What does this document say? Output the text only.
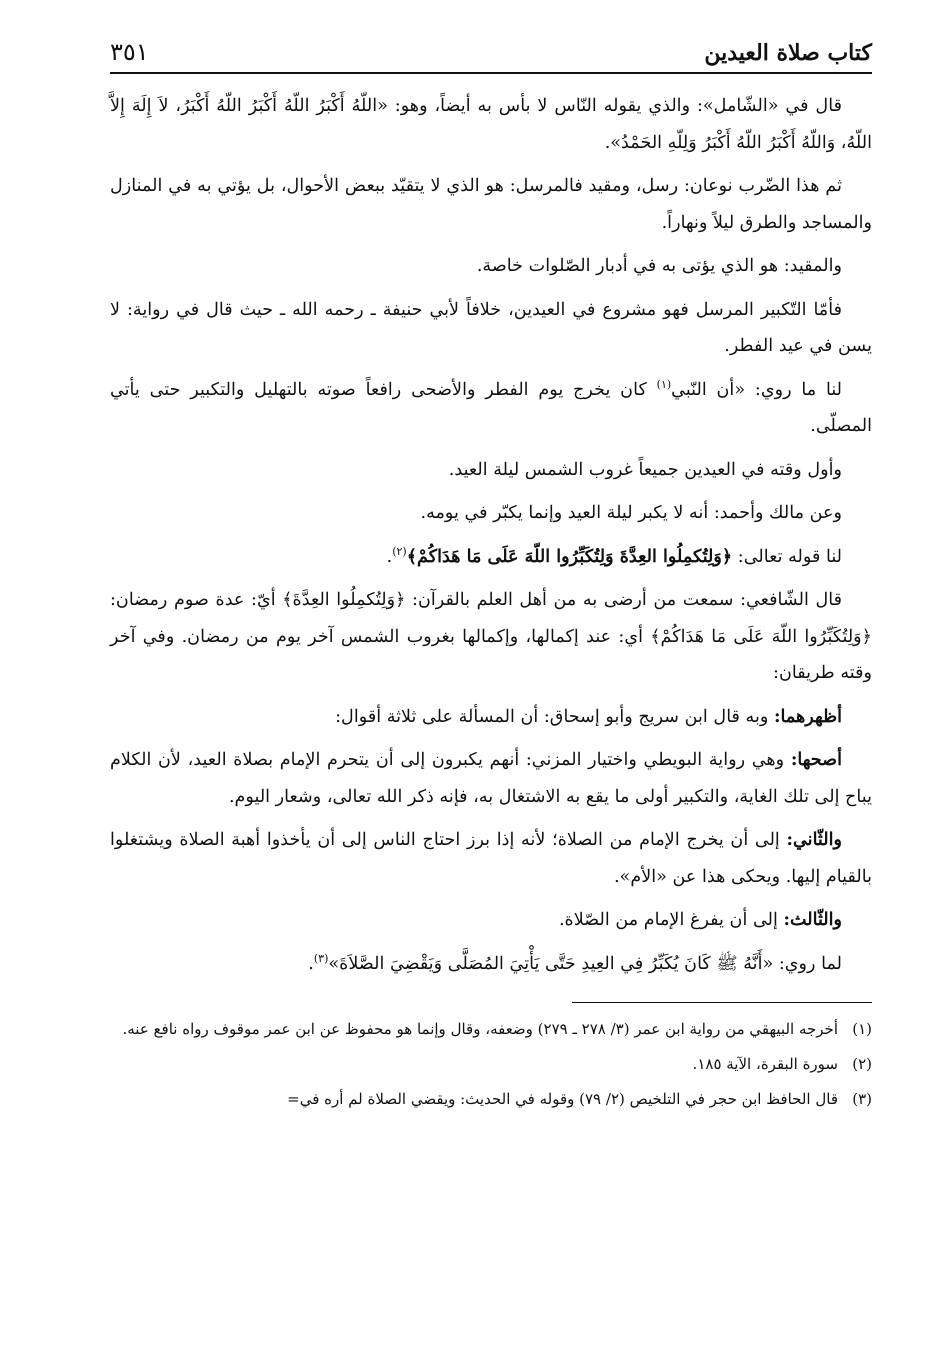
كتاب صلاة العيدين
٣٥١

قال في «الشّامل»: والذي يقوله النّاس لا بأس به أيضاً، وهو: «اللّهُ أَكْبَرُ اللّهُ أَكْبَرُ اللّهُ أَكْبَرُ، لاَ إِلَهَ إِلاَّ اللّهُ، وَاللّهُ أَكْبَرُ اللّهُ أَكْبَرُ وَلِلّهِ الحَمْدُ».

ثم هذا الضّرب نوعان: رسل، ومقيد فالمرسل: هو الذي لا يتقيّد ببعض الأحوال، بل يؤتي به في المنازل والمساجد والطرق ليلاً ونهاراً.

والمقيد: هو الذي يؤتى به في أدبار الصّلوات خاصة.

فأمّا التّكبير المرسل فهو مشروع في العيدين، خلافاً لأبي حنيفة ـ رحمه الله ـ حيث قال في رواية: لا يسن في عيد الفطر.

لنا ما روي: «أن النّبي$^{(١)}$ كان يخرج يوم الفطر والأضحى رافعاً صوته بالتهليل والتكبير حتى يأتي المصلّى.

وأول وقته في العيدين جميعاً غروب الشمس ليلة العيد.

وعن مالك وأحمد: أنه لا يكبر ليلة العيد وإنما يكبّر في يومه.

لنا قوله تعالى: ﴿وَلِتُكمِلُوا العِدَّةَ وَلِتُكَبِّرُوا اللّهَ عَلَى مَا هَدَاكُمْ﴾$^{(٢)}$.

قال الشّافعي: سمعت من أرضى به من أهل العلم بالقرآن: ﴿وَلِتُكمِلُوا العِدَّةَ﴾ أيّ: عدة صوم رمضان: ﴿وَلِتُكَبِّرُوا اللّهَ عَلَى مَا هَدَاكُمْ﴾ أي: عند إكمالها، وإكمالها بغروب الشمس آخر يوم من رمضان. وفي آخر وقته طريقان:

أظهرهما: وبه قال ابن سريج وأبو إسحاق: أن المسألة على ثلاثة أقوال:

أصحها: وهي رواية البويطي واختيار المزني: أنهم يكبرون إلى أن يتحرم الإمام بصلاة العيد، لأن الكلام يباح إلى تلك الغاية، والتكبير أولى ما يقع به الاشتغال به، فإنه ذكر الله تعالى، وشعار اليوم.

والثّاني: إلى أن يخرج الإمام من الصلاة؛ لأنه إذا برز احتاج الناس إلى أن يأخذوا أهبة الصلاة ويشتغلوا بالقيام إليها. ويحكى هذا عن «الأم».

والثّالث: إلى أن يفرغ الإمام من الصّلاة.

لما روي: «أَنَّهُ ﷺ كَانَ يُكَبِّرُ فِي العِيدِ حَتَّى يَأْتِيَ المُصَلَّى وَيَقْضِيَ الصَّلاَةَ»$^{(٣)}$.

(١)أخرجه البيهقي من رواية ابن عمر (٣/ ٢٧٨ ـ ٢٧٩) وضعفه، وقال وإنما هو محفوظ عن ابن عمر موقوف رواه نافع عنه.
(٢)سورة البقرة، الآية ١٨٥.
(٣)قال الحافظ ابن حجر في التلخيص (٢/ ٧٩) وقوله في الحديث: ويقضي الصلاة لم أره في=
